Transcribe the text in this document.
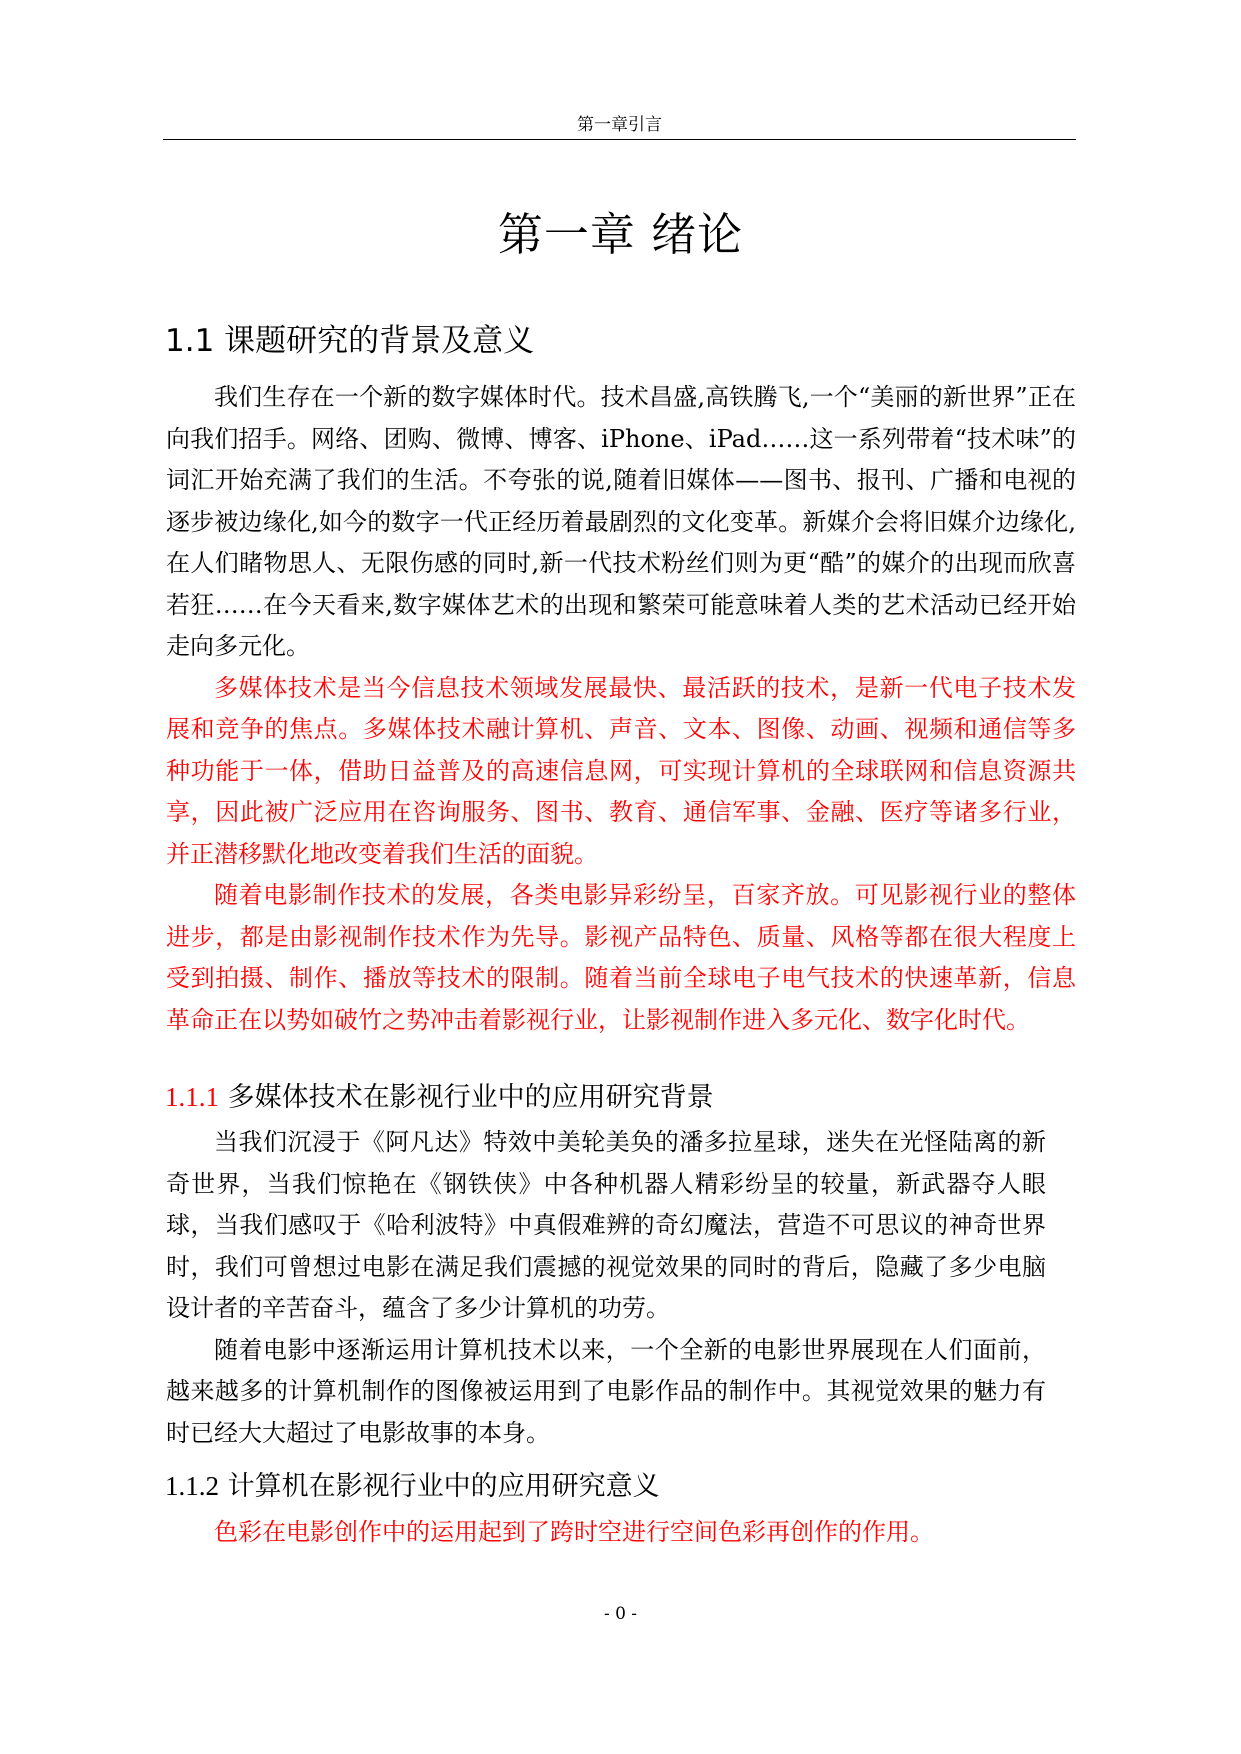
第一章引言
第一章 绪论
1.1 课题研究的背景及意义

我们生存在一个新的数字媒体时代。技术昌盛,高铁腾飞,一个“美丽的新世界”正在向我们招手。网络、团购、微博、博客、iPhone、iPad……这一系列带着“技术味”的词汇开始充满了我们的生活。不夸张的说,随着旧媒体——图书、报刊、广播和电视的逐步被边缘化,如今的数字一代正经历着最剧烈的文化变革。新媒介会将旧媒介边缘化,在人们睹物思人、无限伤感的同时,新一代技术粉丝们则为更“酷”的媒介的出现而欣喜若狂……在今天看来,数字媒体艺术的出现和繁荣可能意味着人类的艺术活动已经开始走向多元化。

多媒体技术是当今信息技术领域发展最快、最活跃的技术，是新一代电子技术发展和竞争的焦点。多媒体技术融计算机、声音、文本、图像、动画、视频和通信等多种功能于一体，借助日益普及的高速信息网，可实现计算机的全球联网和信息资源共享，因此被广泛应用在咨询服务、图书、教育、通信军事、金融、医疗等诸多行业，并正潜移默化地改变着我们生活的面貌。

随着电影制作技术的发展，各类电影异彩纷呈，百家齐放。可见影视行业的整体进步，都是由影视制作技术作为先导。影视产品特色、质量、风格等都在很大程度上受到拍摄、制作、播放等技术的限制。随着当前全球电子电气技术的快速革新，信息革命正在以势如破竹之势冲击着影视行业，让影视制作进入多元化、数字化时代。

1.1.1 多媒体技术在影视行业中的应用研究背景

当我们沉浸于《阿凡达》特效中美轮美奂的潘多拉星球，迷失在光怪陆离的新奇世界，当我们惊艳在《钢铁侠》中各种机器人精彩纷呈的较量，新武器夺人眼球，当我们感叹于《哈利波特》中真假难辨的奇幻魔法，营造不可思议的神奇世界时，我们可曾想过电影在满足我们震撼的视觉效果的同时的背后，隐藏了多少电脑设计者的辛苦奋斗，蕴含了多少计算机的功劳。

随着电影中逐渐运用计算机技术以来，一个全新的电影世界展现在人们面前，越来越多的计算机制作的图像被运用到了电影作品的制作中。其视觉效果的魅力有时已经大大超过了电影故事的本身。

1.1.2 计算机在影视行业中的应用研究意义

色彩在电影创作中的运用起到了跨时空进行空间色彩再创作的作用。

- 0 -
